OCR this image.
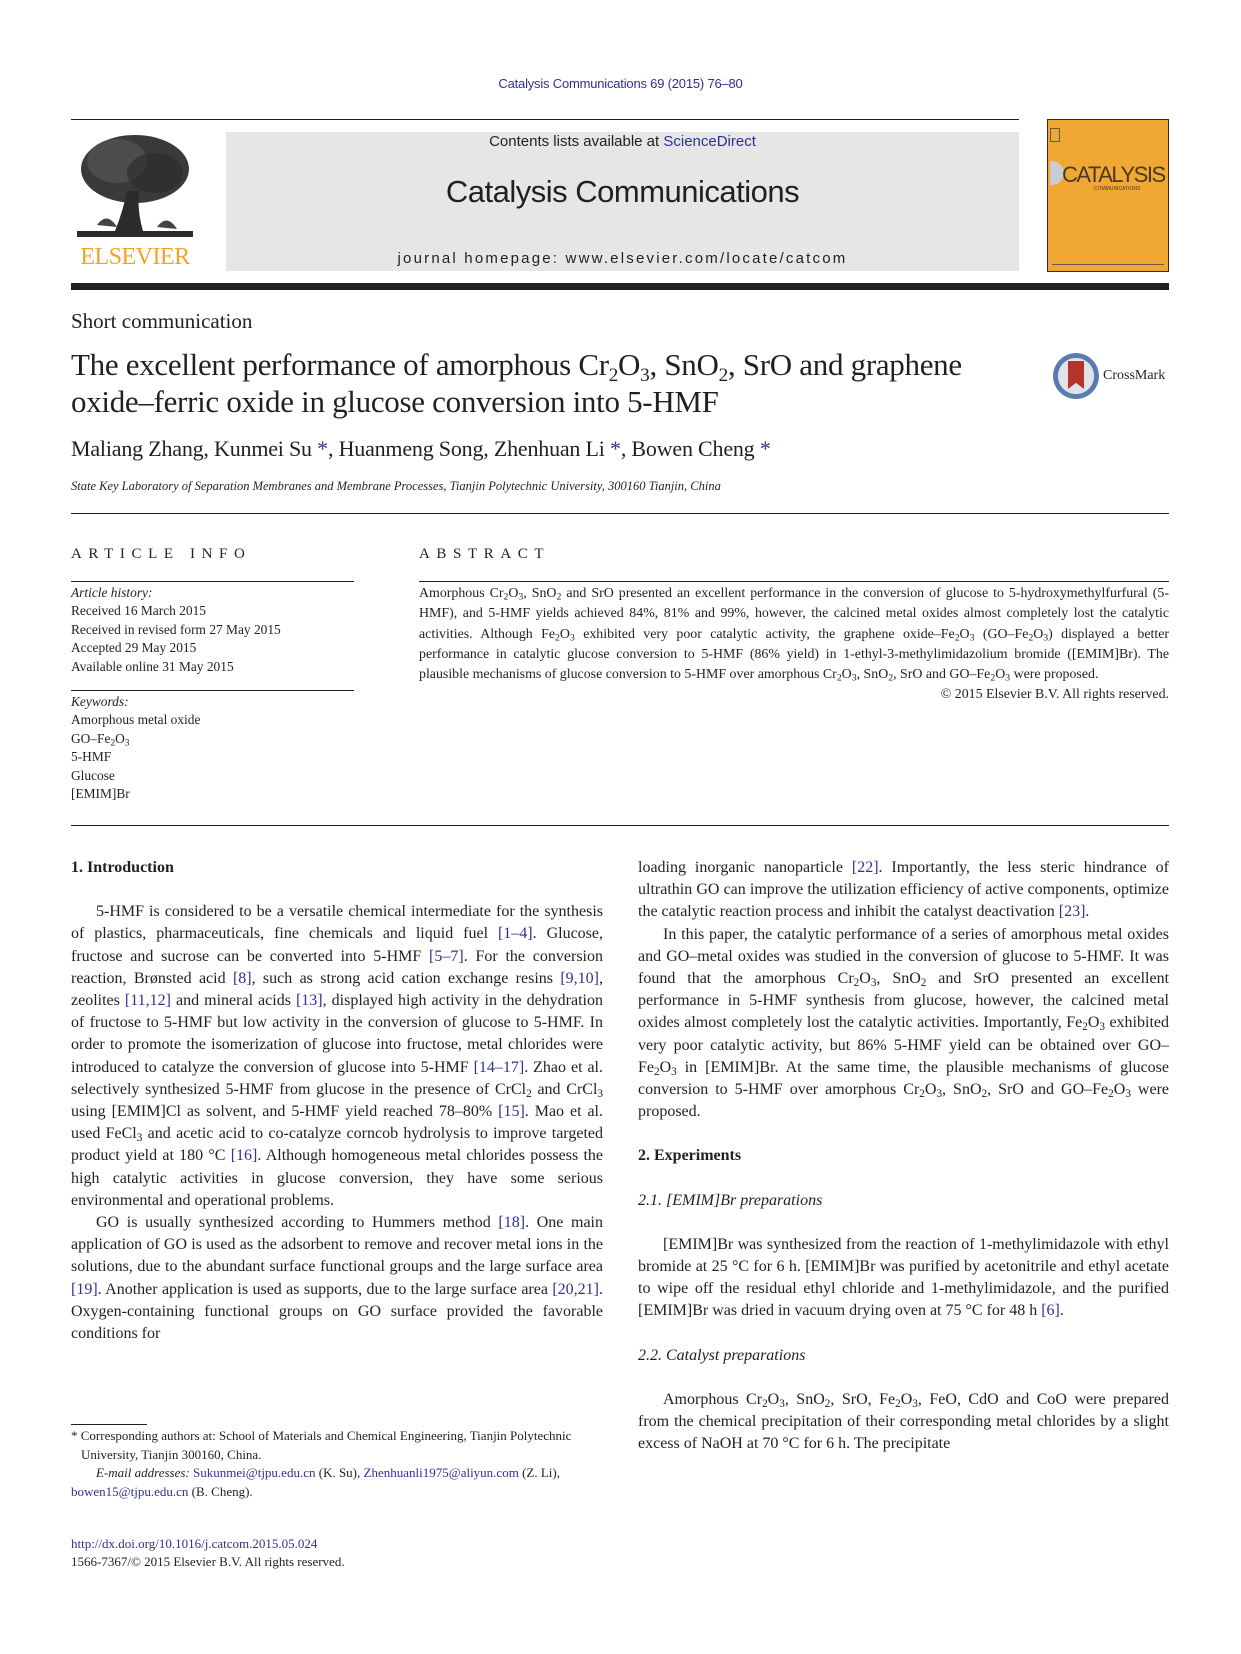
Catalysis Communications 69 (2015) 76–80
ELSEVIER
Contents lists available at ScienceDirect
Catalysis Communications
journal homepage: www.elsevier.com/locate/catcom
CATALYSIS
COMMUNICATIONS
Short communication
The excellent performance of amorphous $Cr_2O_3$, SnO$_2$, SrO and graphene oxide–ferric oxide in glucose conversion into 5-HMF
CrossMark
Maliang Zhang, Kunmei Su *, Huanmeng Song, Zhenhuan Li *, Bowen Cheng *
State Key Laboratory of Separation Membranes and Membrane Processes, Tianjin Polytechnic University, 300160 Tianjin, China
ARTICLE INFO	ABSTRACT
Article history:
Received 16 March 2015
Received in revised form 27 May 2015
Accepted 29 May 2015
Available online 31 May 2015
Keywords:
Amorphous metal oxide
$GO-Fe_2O_3$
5-HMF
Glucose
[EMIM]Br
Amorphous $Cr_2O_3$, SnO$_2$ and SrO presented an excellent performance in the conversion of glucose to 5-hydroxymethylfurfural (5-HMF), and 5-HMF yields achieved 84%, 81% and 99%, however, the calcined metal oxides almost completely lost the catalytic activities. Although $Fe_2O_3$ exhibited very poor catalytic activity, the graphene oxide–$Fe_2O_3$ $(GO-Fe_2O_3)$ displayed a better performance in catalytic glucose conversion to 5-HMF (86% yield) in 1-ethyl-3-methylimidazolium bromide ([EMIM]Br). The plausible mechanisms of glucose conversion to 5-HMF over amorphous $Cr_2O_3$, SnO$_2$, SrO and $GO-Fe_2O_3$ were proposed.
© 2015 Elsevier B.V. All rights reserved.
1. Introduction

5-HMF is considered to be a versatile chemical intermediate for the synthesis of plastics, pharmaceuticals, fine chemicals and liquid fuel [1–4]. Glucose, fructose and sucrose can be converted into 5-HMF [5–7]. For the conversion reaction, Brønsted acid [8], such as strong acid cation exchange resins [9,10], zeolites [11,12] and mineral acids [13], displayed high activity in the dehydration of fructose to 5-HMF but low activity in the conversion of glucose to 5-HMF. In order to promote the isomerization of glucose into fructose, metal chlorides were introduced to catalyze the conversion of glucose into 5-HMF [14–17]. Zhao et al. selectively synthesized 5-HMF from glucose in the presence of CrCl$_2$ and CrCl$_3$ using [EMIM]Cl as solvent, and 5-HMF yield reached 78–80% [15]. Mao et al. used FeCl$_3$ and acetic acid to co-catalyze corncob hydrolysis to improve targeted product yield at 180 °C [16]. Although homogeneous metal chlorides possess the high catalytic activities in glucose conversion, they have some serious environmental and operational problems.

GO is usually synthesized according to Hummers method [18]. One main application of GO is used as the adsorbent to remove and recover metal ions in the solutions, due to the abundant surface functional groups and the large surface area [19]. Another application is used as supports, due to the large surface area [20,21]. Oxygen-containing functional groups on GO surface provided the favorable conditions for

loading inorganic nanoparticle [22]. Importantly, the less steric hindrance of ultrathin GO can improve the utilization efficiency of active components, optimize the catalytic reaction process and inhibit the catalyst deactivation [23].

In this paper, the catalytic performance of a series of amorphous metal oxides and GO–metal oxides was studied in the conversion of glucose to 5-HMF. It was found that the amorphous $Cr_2O_3$, SnO$_2$ and SrO presented an excellent performance in 5-HMF synthesis from glucose, however, the calcined metal oxides almost completely lost the catalytic activities. Importantly, $Fe_2O_3$ exhibited very poor catalytic activity, but 86% 5-HMF yield can be obtained over $GO-Fe_2O_3$ in [EMIM]Br. At the same time, the plausible mechanisms of glucose conversion to 5-HMF over amorphous $Cr_2O_3$, SnO$_2$, SrO and $GO-Fe_2O_3$ were proposed.

2. Experiments
2.1. [EMIM]Br preparations

[EMIM]Br was synthesized from the reaction of 1-methylimidazole with ethyl bromide at 25 °C for 6 h. [EMIM]Br was purified by acetonitrile and ethyl acetate to wipe off the residual ethyl chloride and 1-methylimidazole, and the purified [EMIM]Br was dried in vacuum drying oven at 75 °C for 48 h [6].

2.2. Catalyst preparations

Amorphous $Cr_2O_3$, SnO$_2$, SrO, $Fe_2O_3$, FeO, CdO and CoO were prepared from the chemical precipitation of their corresponding metal chlorides by a slight excess of NaOH at 70 °C for 6 h. The precipitate

* Corresponding authors at: School of Materials and Chemical Engineering, Tianjin Polytechnic University, Tianjin 300160, China.
E-mail addresses: Sukunmei@tjpu.edu.cn (K. Su), Zhenhuanli1975@aliyun.com (Z. Li), bowen15@tjpu.edu.cn (B. Cheng).
http://dx.doi.org/10.1016/j.catcom.2015.05.024
1566-7367/© 2015 Elsevier B.V. All rights reserved.
